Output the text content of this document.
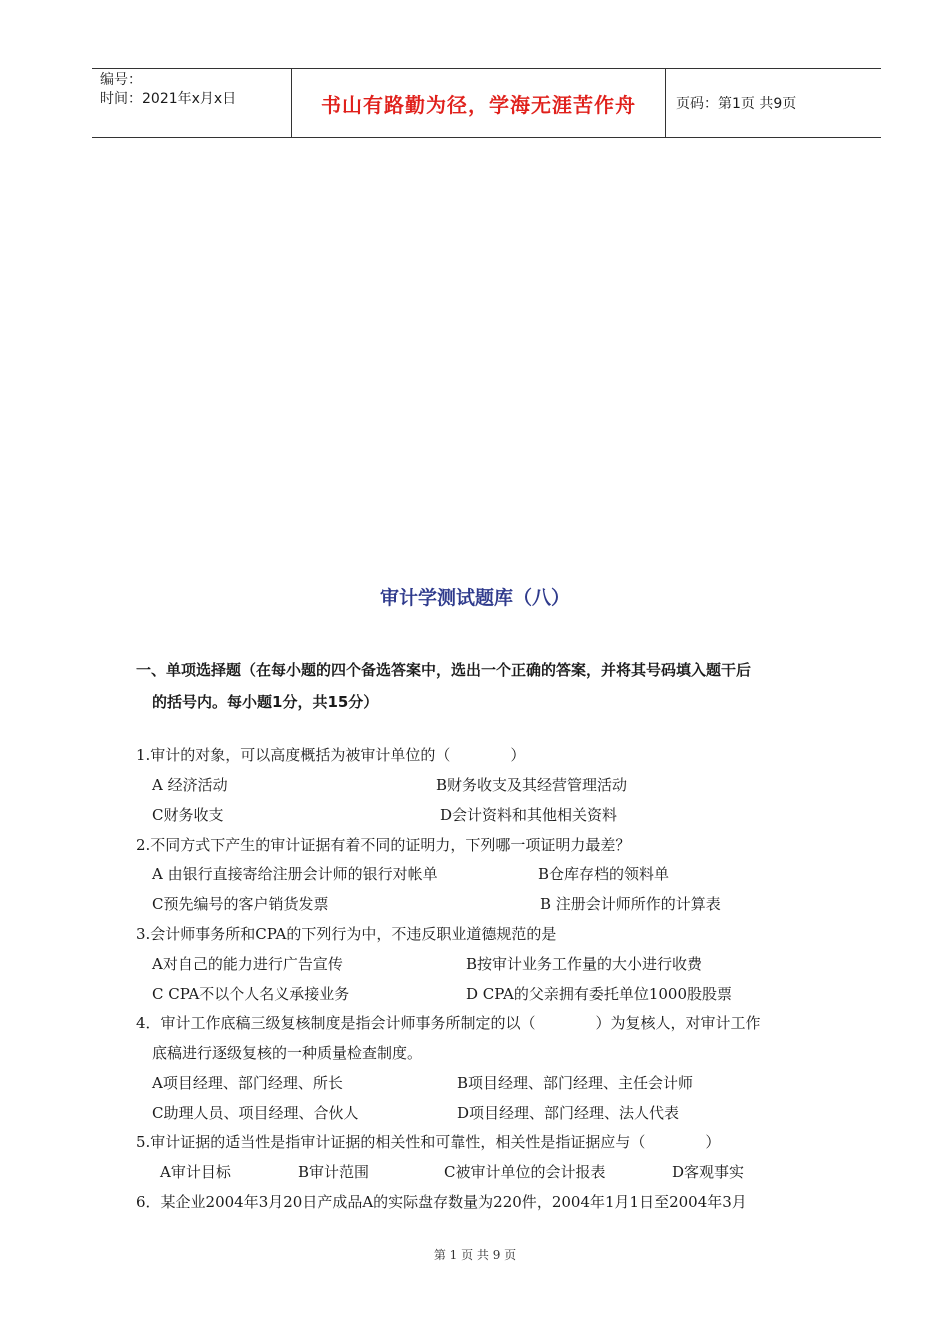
编号：
时间：2021年x月x日	书山有路勤为径，学海无涯苦作舟	页码：第1页 共9页
审计学测试题库（八）
一、单项选择题（在每小题的四个备选答案中，选出一个正确的答案，并将其号码填入题干后
的括号内。每小题1分，共15分）
1.审计的对象，可以高度概括为被审计单位的（　　　　）
A 经济活动	B财务收支及其经营管理活动
C财务收支	D会计资料和其他相关资料
2.不同方式下产生的审计证据有着不同的证明力，下列哪一项证明力最差？
A 由银行直接寄给注册会计师的银行对帐单	B仓库存档的领料单
C预先编号的客户销货发票	B 注册会计师所作的计算表
3.会计师事务所和CPA的下列行为中，不违反职业道德规范的是
A对自己的能力进行广告宣传	B按审计业务工作量的大小进行收费
C CPA不以个人名义承接业务	D CPA的父亲拥有委托单位1000股股票
4．审计工作底稿三级复核制度是指会计师事务所制定的以（　　　　）为复核人，对审计工作
底稿进行逐级复核的一种质量检查制度。
A项目经理、部门经理、所长	B项目经理、部门经理、主任会计师
C助理人员、项目经理、合伙人	D项目经理、部门经理、法人代表
5.审计证据的适当性是指审计证据的相关性和可靠性，相关性是指证据应与（　　　　）
A审计目标	B审计范围	C被审计单位的会计报表	D客观事实
6．某企业2004年3月20日产成品A的实际盘存数量为220件，2004年1月1日至2004年3月
第 1 页 共 9 页
